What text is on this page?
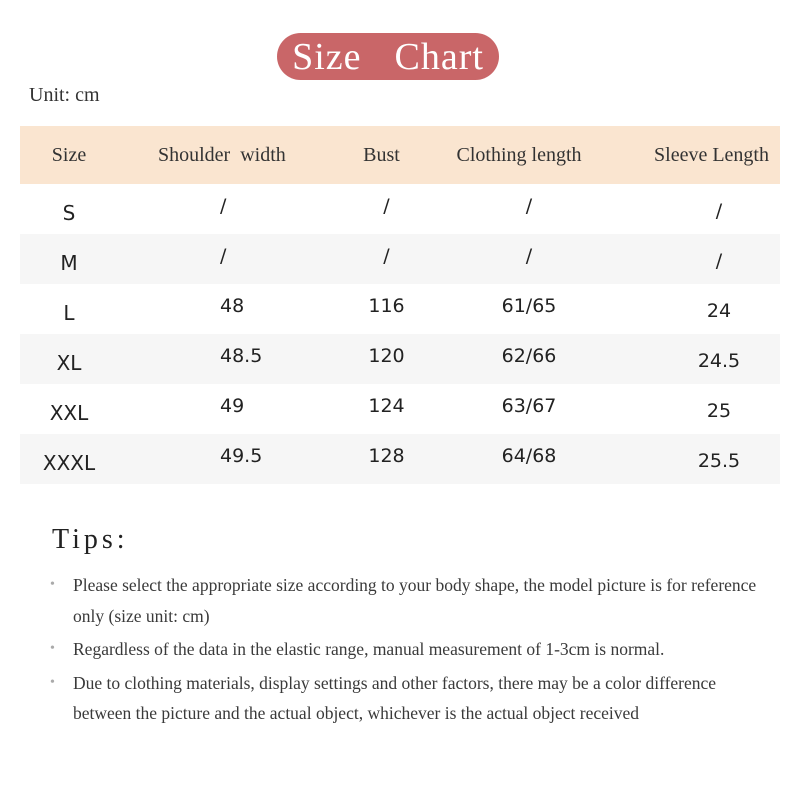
Size  Chart
Unit: cm
Size	Shoulder  width	Bust	Clothing length	Sleeve Length
S	/	/	/	/
M	/	/	/	/
L	48	116	61/65	24
XL	48.5	120	62/66	24.5
XXL	49	124	63/67	25
XXXL	49.5	128	64/68	25.5
Tips:
• Please select the appropriate size according to your body shape, the model picture is for reference only (size unit: cm)
• Regardless of the data in the elastic range, manual measurement of 1-3cm is normal.
• Due to clothing materials, display settings and other factors, there may be a color difference between the picture and the actual object, whichever is the actual object received
